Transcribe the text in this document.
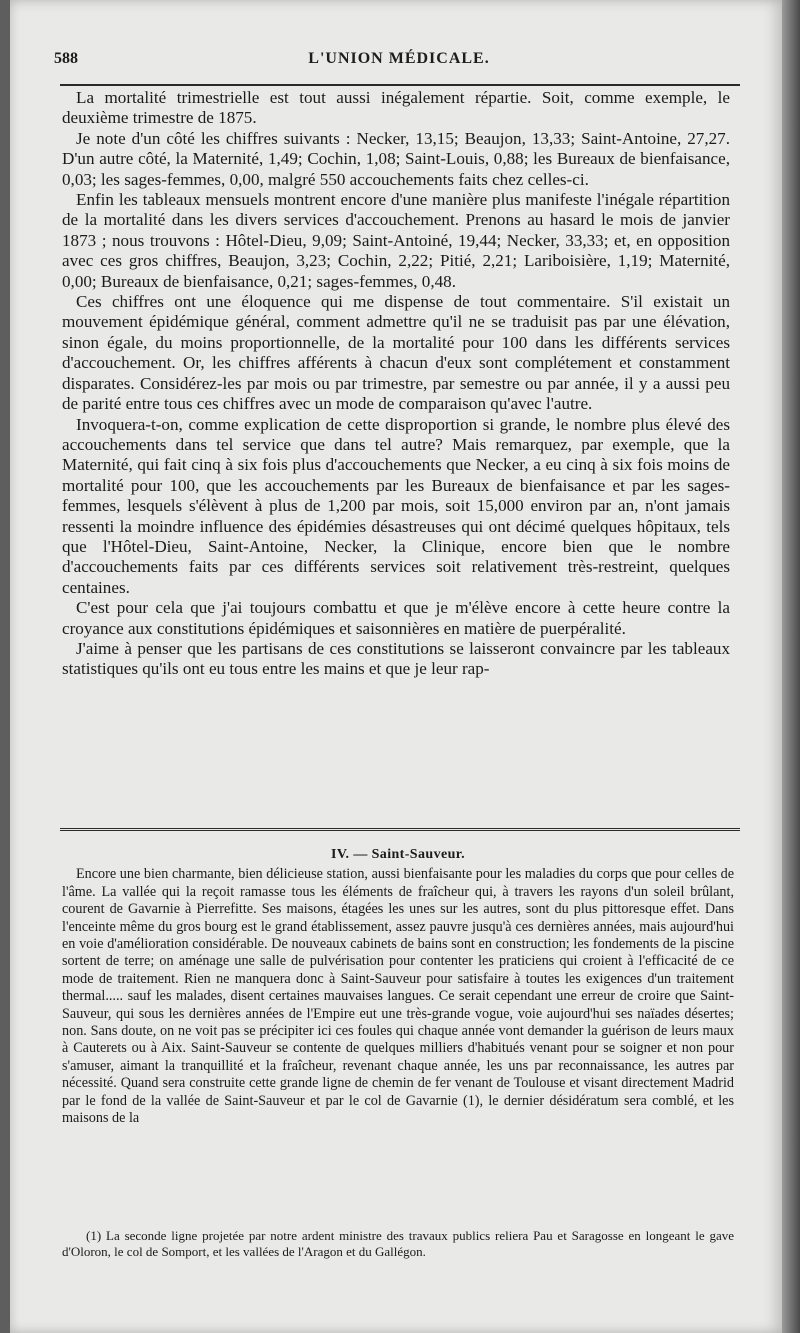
588	L'UNION MÉDICALE.

La mortalité trimestrielle est tout aussi inégalement répartie. Soit, comme exemple, le deuxième trimestre de 1875.

Je note d'un côté les chiffres suivants : Necker, 13,15; Beaujon, 13,33; Saint-Antoine, 27,27. D'un autre côté, la Maternité, 1,49; Cochin, 1,08; Saint-Louis, 0,88; les Bureaux de bienfaisance, 0,03; les sages-femmes, 0,00, malgré 550 accouchements faits chez celles-ci.

Enfin les tableaux mensuels montrent encore d'une manière plus manifeste l'inégale répartition de la mortalité dans les divers services d'accouchement. Prenons au hasard le mois de janvier 1873 ; nous trouvons : Hôtel-Dieu, 9,09; Saint-Antoiné, 19,44; Necker, 33,33; et, en opposition avec ces gros chiffres, Beaujon, 3,23; Cochin, 2,22; Pitié, 2,21; Lariboisière, 1,19; Maternité, 0,00; Bureaux de bienfaisance, 0,21; sages-femmes, 0,48.

Ces chiffres ont une éloquence qui me dispense de tout commentaire. S'il existait un mouvement épidémique général, comment admettre qu'il ne se traduisit pas par une élévation, sinon égale, du moins proportionnelle, de la mortalité pour 100 dans les différents services d'accouchement. Or, les chiffres afférents à chacun d'eux sont complétement et constamment disparates. Considérez-les par mois ou par trimestre, par semestre ou par année, il y a aussi peu de parité entre tous ces chiffres avec un mode de comparaison qu'avec l'autre.

Invoquera-t-on, comme explication de cette disproportion si grande, le nombre plus élevé des accouchements dans tel service que dans tel autre? Mais remarquez, par exemple, que la Maternité, qui fait cinq à six fois plus d'accouchements que Necker, a eu cinq à six fois moins de mortalité pour 100, que les accouchements par les Bureaux de bienfaisance et par les sages-femmes, lesquels s'élèvent à plus de 1,200 par mois, soit 15,000 environ par an, n'ont jamais ressenti la moindre influence des épidémies désastreuses qui ont décimé quelques hôpitaux, tels que l'Hôtel-Dieu, Saint-Antoine, Necker, la Clinique, encore bien que le nombre d'accouchements faits par ces différents services soit relativement très-restreint, quelques centaines.

C'est pour cela que j'ai toujours combattu et que je m'élève encore à cette heure contre la croyance aux constitutions épidémiques et saisonnières en matière de puerpéralité.

J'aime à penser que les partisans de ces constitutions se laisseront convaincre par les tableaux statistiques qu'ils ont eu tous entre les mains et que je leur rap-

IV. — Saint-Sauveur.

Encore une bien charmante, bien délicieuse station, aussi bienfaisante pour les maladies du corps que pour celles de l'âme. La vallée qui la reçoit ramasse tous les éléments de fraîcheur qui, à travers les rayons d'un soleil brûlant, courent de Gavarnie à Pierrefitte. Ses maisons, étagées les unes sur les autres, sont du plus pittoresque effet. Dans l'enceinte même du gros bourg est le grand établissement, assez pauvre jusqu'à ces dernières années, mais aujourd'hui en voie d'amélioration considérable. De nouveaux cabinets de bains sont en construction; les fondements de la piscine sortent de terre; on aménage une salle de pulvérisation pour contenter les praticiens qui croient à l'efficacité de ce mode de traitement. Rien ne manquera donc à Saint-Sauveur pour satisfaire à toutes les exigences d'un traitement thermal..... sauf les malades, disent certaines mauvaises langues. Ce serait cependant une erreur de croire que Saint-Sauveur, qui sous les dernières années de l'Empire eut une très-grande vogue, voie aujourd'hui ses naïades désertes; non. Sans doute, on ne voit pas se précipiter ici ces foules qui chaque année vont demander la guérison de leurs maux à Cauterets ou à Aix. Saint-Sauveur se contente de quelques milliers d'habitués venant pour se soigner et non pour s'amuser, aimant la tranquillité et la fraîcheur, revenant chaque année, les uns par reconnaissance, les autres par nécessité. Quand sera construite cette grande ligne de chemin de fer venant de Toulouse et visant directement Madrid par le fond de la vallée de Saint-Sauveur et par le col de Gavarnie (1), le dernier désidératum sera comblé, et les maisons de la

(1) La seconde ligne projetée par notre ardent ministre des travaux publics reliera Pau et Saragosse en longeant le gave d'Oloron, le col de Somport, et les vallées de l'Aragon et du Gallégon.
